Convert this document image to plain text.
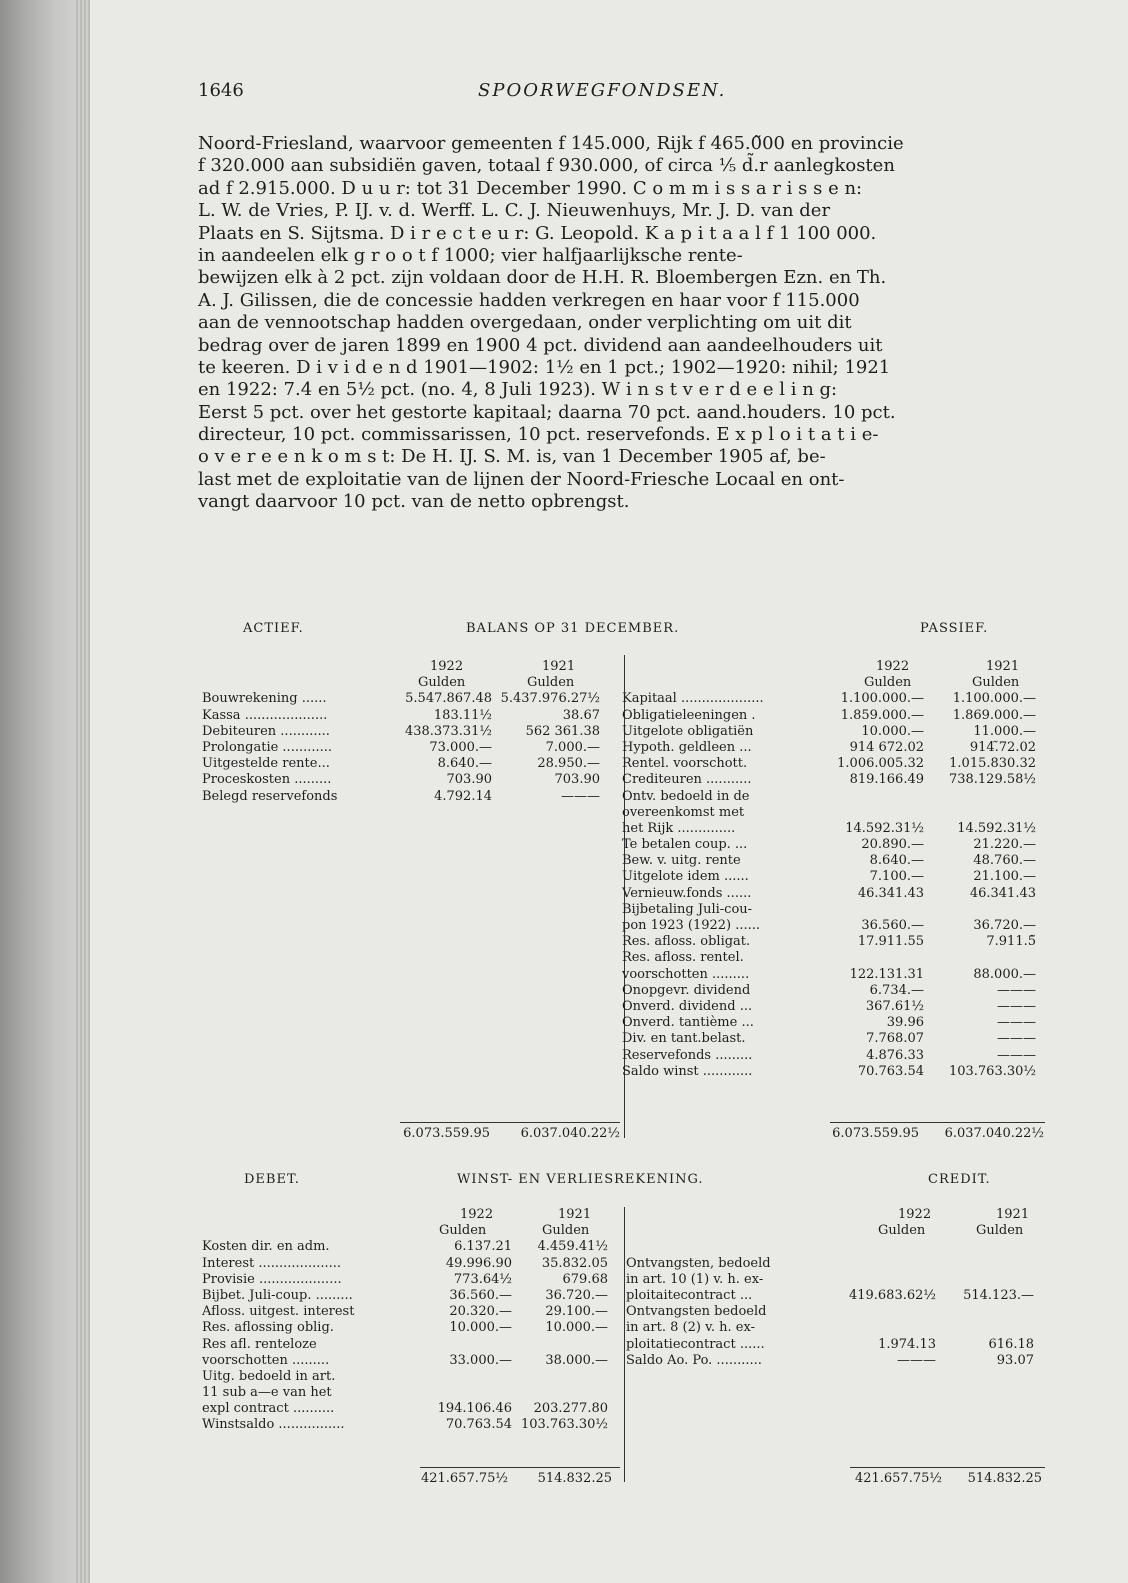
1646	SPOORWEGFONDSEN.

Noord-Friesland, waarvoor gemeenten f 145.000, Rijk f 465.0̃00 en provincie
f 320.000 aan subsidiën gaven, totaal f 930.000, of circa ⅕ d̃.r aanlegkosten
ad f 2.915.000. D u u r: tot 31 December 1990. C o m m i s s a r i s s e n:
L. W. de Vries, P. IJ. v. d. Werff. L. C. J. Nieuwenhuys, Mr. J. D. van der
Plaats en S. Sijtsma. D i r e c t e u r: G. Leopold. K a p i t a a l f 1 100 000.
in aandeelen elk g r o o t f 1000; vier halfjaarlijksche rente-
bewijzen elk à 2 pct. zijn voldaan door de H.H. R. Bloembergen Ezn. en Th.
A. J. Gilissen, die de concessie hadden verkregen en haar voor f 115.000
aan de vennootschap hadden overgedaan, onder verplichting om uit dit
bedrag over de jaren 1899 en 1900 4 pct. dividend aan aandeelhouders uit
te keeren. D i v i d e n d 1901—1902: 1½ en 1 pct.; 1902—1920: nihil; 1921
en 1922: 7.4 en 5½ pct. (no. 4, 8 Juli 1923). W i n s t v e r d e e l i n g:
Eerst 5 pct. over het gestorte kapitaal; daarna 70 pct. aand.houders. 10 pct.
directeur, 10 pct. commissarissen, 10 pct. reservefonds. E x p l o i t a t i e-
o v e r e e n k o m s t: De H. IJ. S. M. is, van 1 December 1905 af, be-
last met de exploitatie van de lijnen der Noord-Friesche Locaal en ont-
vangt daarvoor 10 pct. van de netto opbrengst.

ACTIEF.	BALANS OP 31 DECEMBER.	PASSIEF.
1922	1921
Gulden	Gulden
Bouwrekening ......	5.547.867.48 5.437.976.27½
Kassa ....................	183.11½	38.67
Debiteuren ............	438.373.31½	562 361.38
Prolongatie ............	73.000.—	7.000.—
Uitgestelde rente...	8.640.—	28.950.—
Proceskosten .........	703.90	703.90
Belegd reservefonds	4.792.14	———
1922	1921
Gulden	Gulden
Kapitaal ....................	1.100.000.— 1.100.000.—
Obligatieleeningen .	1.859.000.— 1.869.000.—
Uitgelote obligatiën	10.000.—	11.000.—
Hypoth. geldleen ...	914 672.02	914.̃72.02
Rentel. voorschott.	1.006.005.32 1.015.830.32
Crediteuren ...........	819.166.49 738.129.58½
Ontv. bedoeld in de
overeenkomst met
het Rijk ..............	14.592.31½	14.592.31½
Te betalen coup. ...	20.890.—	21.220.—
Bew. v. uitg. rente	8.640.—	48.760.—
Uitgelote idem ......	7.100.—	21.100.—
Vernieuw.fonds ......	46.341.43	46.341.43
Bijbetaling Juli-cou-
pon 1923 (1922) ......	36.560.—	36.720.—
Res. afloss. obligat.	17.911.55	7.911.5̃
Res. afloss. rentel.
voorschotten .........	122.131.31	88.000.—
Onopgevr. dividend	6.734.—	———
Onverd. dividend ...	367.61½	———
Onverd. tantième ...	39.96	———
Div. en tant.belast.	7.768.07	———
Reservefonds .........	4.876.33	———
Saldo winst ............	70.763.54 103.763.30½
6.073.559.95 6.037.040.22½	6.073.559.95 6.037.040.22½
DEBET.	WINST- EN VERLIESREKENING.	CREDIT.
1922	1921
Gulden	Gulden
Kosten dir. en adm.	6.137.21 4.459.41½
Interest ....................	49.996.90 35.832.05
Provisie ....................	773.64½	679.68
Bijbet. Juli-coup. .........	36.560.—	36.720.—
Afloss. uitgest. interest	20.320.—	29.100.—
Res. aflossing oblig.	10.000.—	10.000.—
Res afl. renteloze
voorschotten .........	33.000.—	38.000.—
Uitg. bedoeld in art.
11 sub a—e van het
expl contract ..........	194.106.46 203.277.80
Winstsaldo ................	70.763.54 103.763.30½
1922	1921
Gulden	Gulden
Ontvangsten, bedoeld
in art. 10 (1) v. h. ex-
ploitaitecontract ...	419.683.62½ 514.123.—
Ontvangsten bedoeld
in art. 8 (2) v. h. ex-
ploitatiecontract ......	1.974.13	616.18
Saldo Ao. Po. ...........	———	93.07
421.657.75½ 514.832.25	421.657.75½ 514.832.25
